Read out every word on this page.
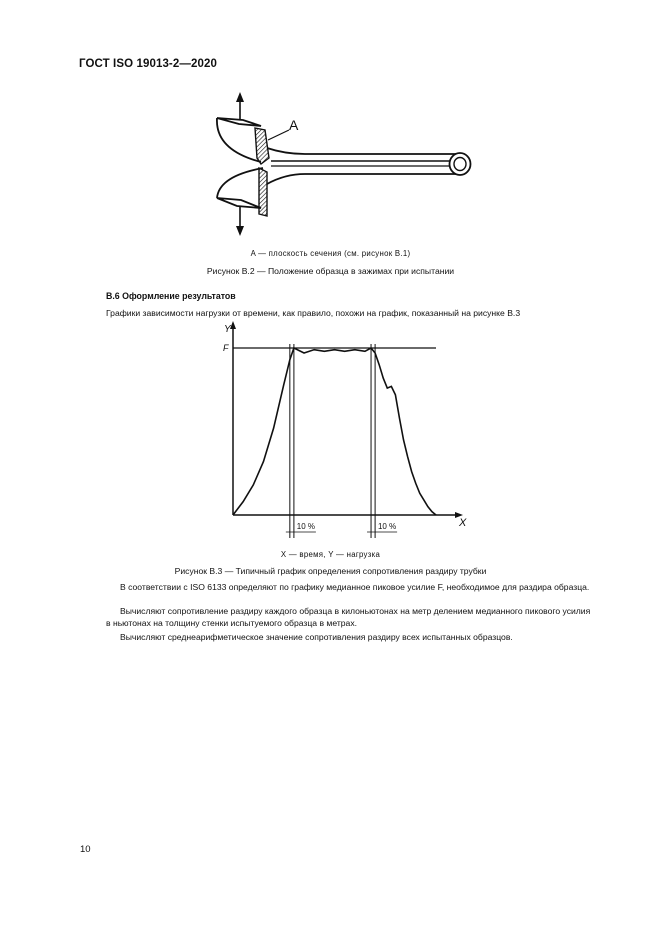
ГОСТ ISO 19013-2—2020
A
A — плоскость сечения (см. рисунок В.1)
Рисунок В.2 — Положение образца в зажимах при испытании
В.6 Оформление результатов
Графики зависимости нагрузки от времени, как правило, похожи на график, показанный на рисунке В.3
Y
X
F
10 %	10 %
X — время, Y — нагрузка
Рисунок В.3 — Типичный график определения сопротивления раздиру трубки
В соответствии с ISO 6133 определяют по графику медианное пиковое усилие F, необходимое для раздира образца.
Вычисляют сопротивление раздиру каждого образца в килоньютонах на метр делением медианного пикового усилия в ньютонах на толщину стенки испытуемого образца в метрах.
Вычисляют среднеарифметическое значение сопротивления раздиру всех испытанных образцов.
10
